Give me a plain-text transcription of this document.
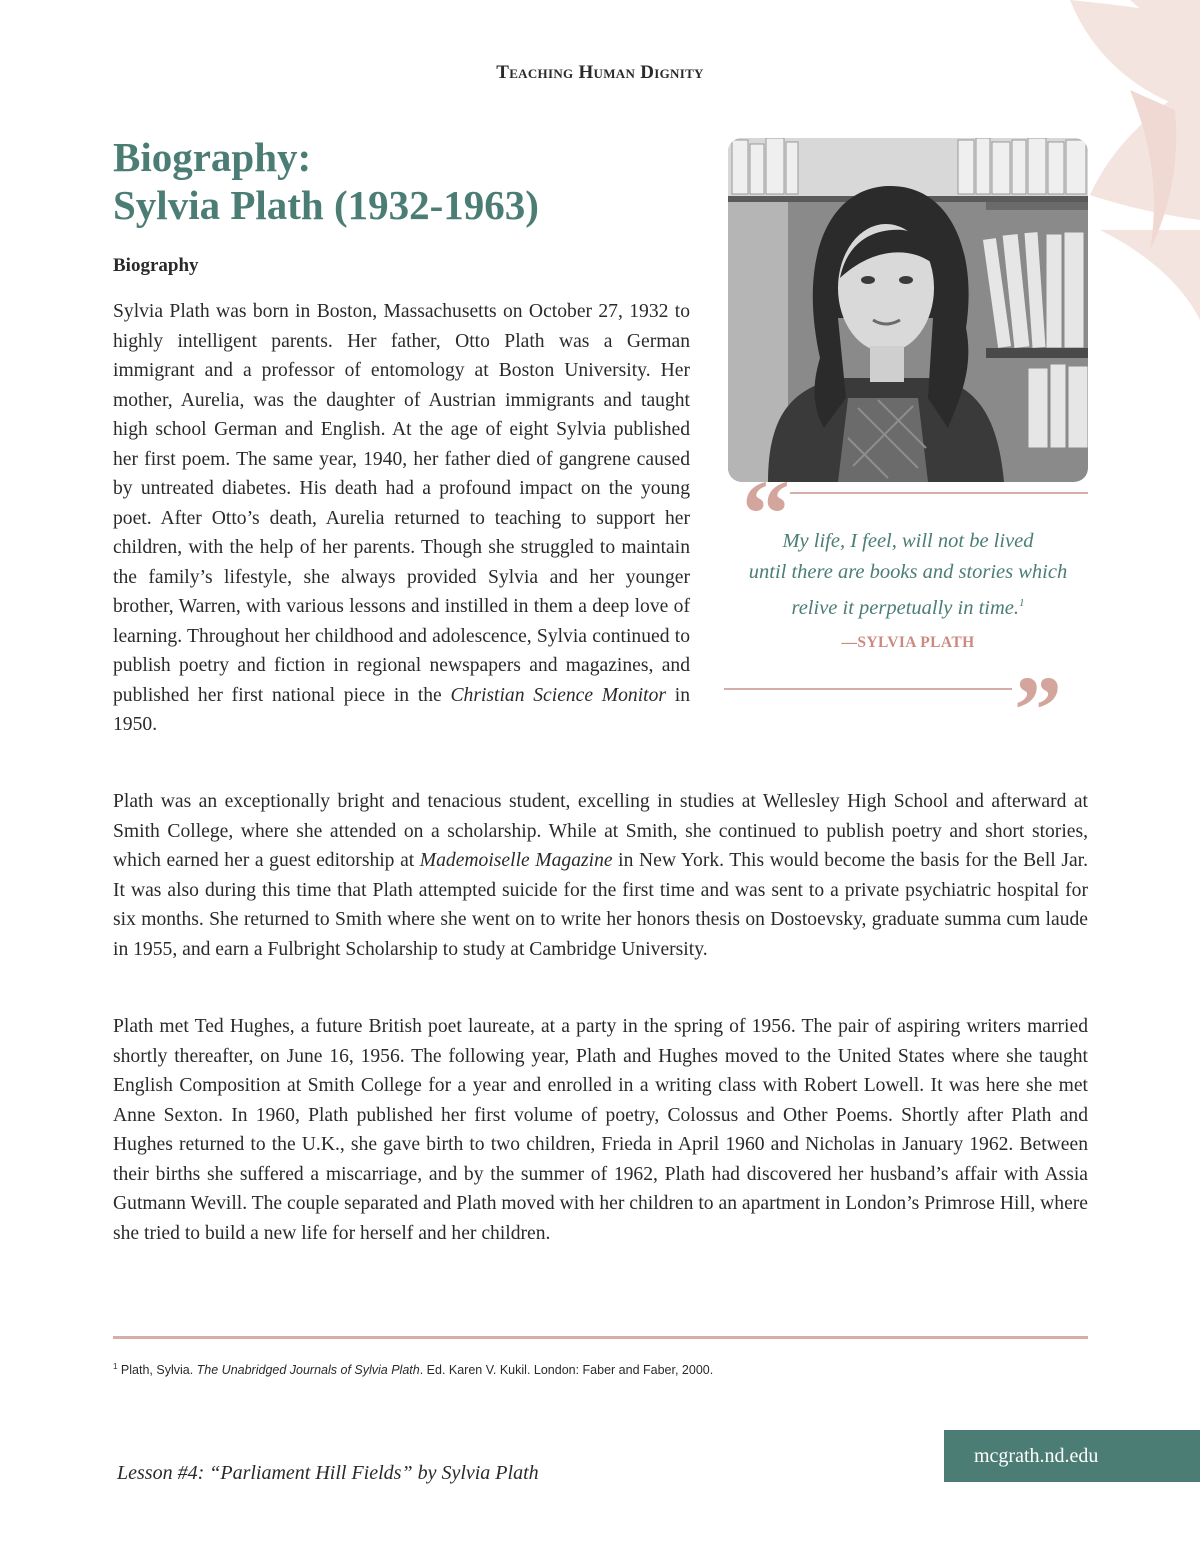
Teaching Human Dignity
Biography:
Sylvia Plath (1932-1963)
Biography

Sylvia Plath was born in Boston, Massachusetts on October 27, 1932 to highly intelligent parents. Her father, Otto Plath was a German immigrant and a professor of entomology at Boston University. Her mother, Aurelia, was the daughter of Austrian immigrants and taught high school German and English. At the age of eight Sylvia published her first poem. The same year, 1940, her father died of gangrene caused by untreated diabetes. His death had a profound impact on the young poet. After Otto’s death, Aurelia returned to teaching to support her children, with the help of her parents. Though she struggled to maintain the family’s lifestyle, she always provided Sylvia and her younger brother, Warren, with various lessons and instilled in them a deep love of learning. Throughout her childhood and adolescence, Sylvia continued to publish poetry and fiction in regional newspapers and magazines, and published her first national piece in the Christian Science Monitor in 1950.

“
My life, I feel, will not be lived
until there are books and stories which
relive it perpetually in time.$^1$
—SYLVIA PLATH
”

Plath was an exceptionally bright and tenacious student, excelling in studies at Wellesley High School and afterward at Smith College, where she attended on a scholarship. While at Smith, she continued to publish poetry and short stories, which earned her a guest editorship at Mademoiselle Magazine in New York. This would become the basis for the Bell Jar. It was also during this time that Plath attempted suicide for the first time and was sent to a private psychiatric hospital for six months. She returned to Smith where she went on to write her honors thesis on Dostoevsky, graduate summa cum laude in 1955, and earn a Fulbright Scholarship to study at Cambridge University.

Plath met Ted Hughes, a future British poet laureate, at a party in the spring of 1956. The pair of aspiring writers married shortly thereafter, on June 16, 1956. The following year, Plath and Hughes moved to the United States where she taught English Composition at Smith College for a year and enrolled in a writing class with Robert Lowell. It was here she met Anne Sexton. In 1960, Plath published her first volume of poetry, Colossus and Other Poems. Shortly after Plath and Hughes returned to the U.K., she gave birth to two children, Frieda in April 1960 and Nicholas in January 1962. Between their births she suffered a miscarriage, and by the summer of 1962, Plath had discovered her husband’s affair with Assia Gutmann Wevill. The couple separated and Plath moved with her children to an apartment in London’s Primrose Hill, where she tried to build a new life for herself and her children.

$^1$ Plath, Sylvia. The Unabridged Journals of Sylvia Plath. Ed. Karen V. Kukil. London: Faber and Faber, 2000.
Lesson #4: “Parliament Hill Fields” by Sylvia Plath
mcgrath.nd.edu
